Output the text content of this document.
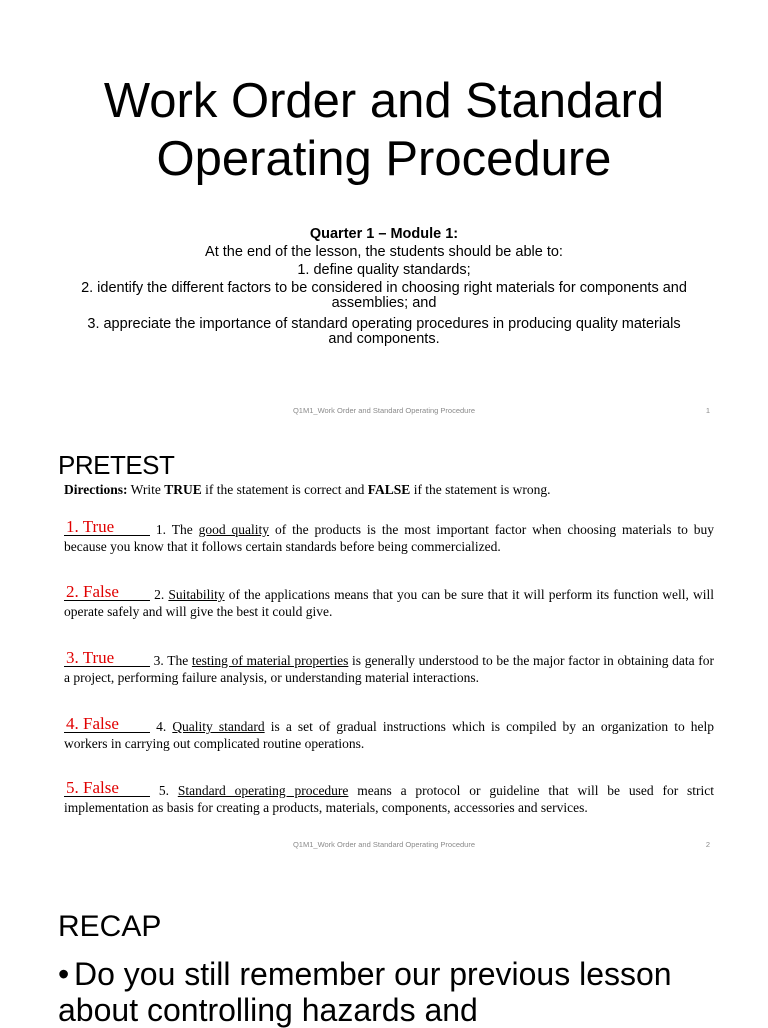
Work Order and Standard
Operating Procedure
Quarter 1 – Module 1:
At the end of the lesson, the students should be able to:
1. define quality standards;
2. identify the different factors to be considered in choosing right materials for components and assemblies; and
3. appreciate the importance of standard operating procedures in producing quality materials and components.
Q1M1_Work Order and Standard Operating Procedure	1
PRETEST
Directions: Write TRUE if the statement is correct and FALSE if the statement is wrong.
1. True	1. The good quality of the products is the most important factor when choosing materials to buy because you know that it follows certain standards before being commercialized.
2. False	2. Suitability of the applications means that you can be sure that it will perform its function well, will operate safely and will give the best it could give.
3. True	3. The testing of material properties is generally understood to be the major factor in obtaining data for a project, performing failure analysis, or understanding material interactions.
4. False	4. Quality standard is a set of gradual instructions which is compiled by an organization to help workers in carrying out complicated routine operations.
5. False	5. Standard operating procedure means a protocol or guideline that will be used for strict implementation as basis for creating a products, materials, components, accessories and services.
Q1M1_Work Order and Standard Operating Procedure	2
RECAP
• Do you still remember our previous lesson about controlling hazards and
